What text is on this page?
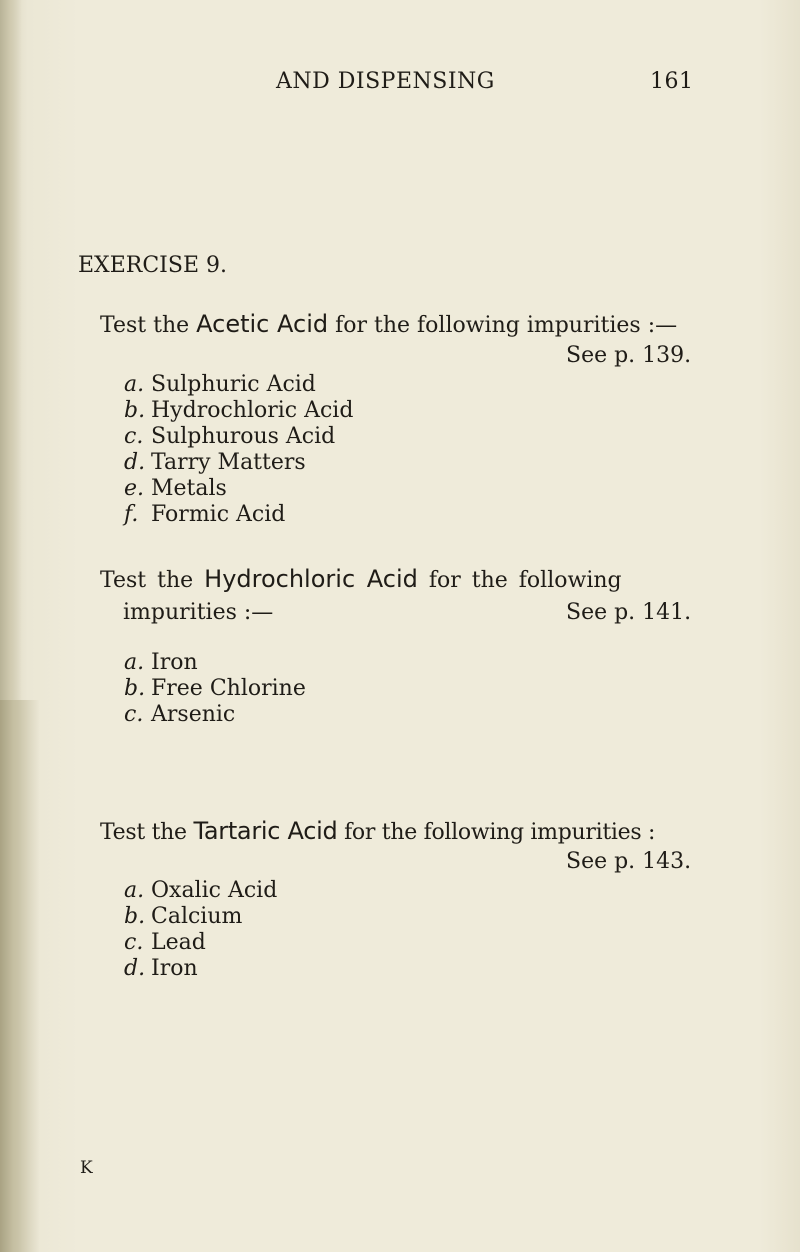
AND DISPENSING	161
EXERCISE 9.
Test the Acetic Acid for the following impurities :—
See p. 139.
a. Sulphuric Acid
b. Hydrochloric Acid
c. Sulphurous Acid
d. Tarry Matters
e. Metals
f. Formic Acid
Test the Hydrochloric Acid for the following
impurities :—	See p. 141.
a. Iron
b. Free Chlorine
c. Arsenic
Test the Tartaric Acid for the following impurities :
See p. 143.
a. Oxalic Acid
b. Calcium
c. Lead
d. Iron
K
